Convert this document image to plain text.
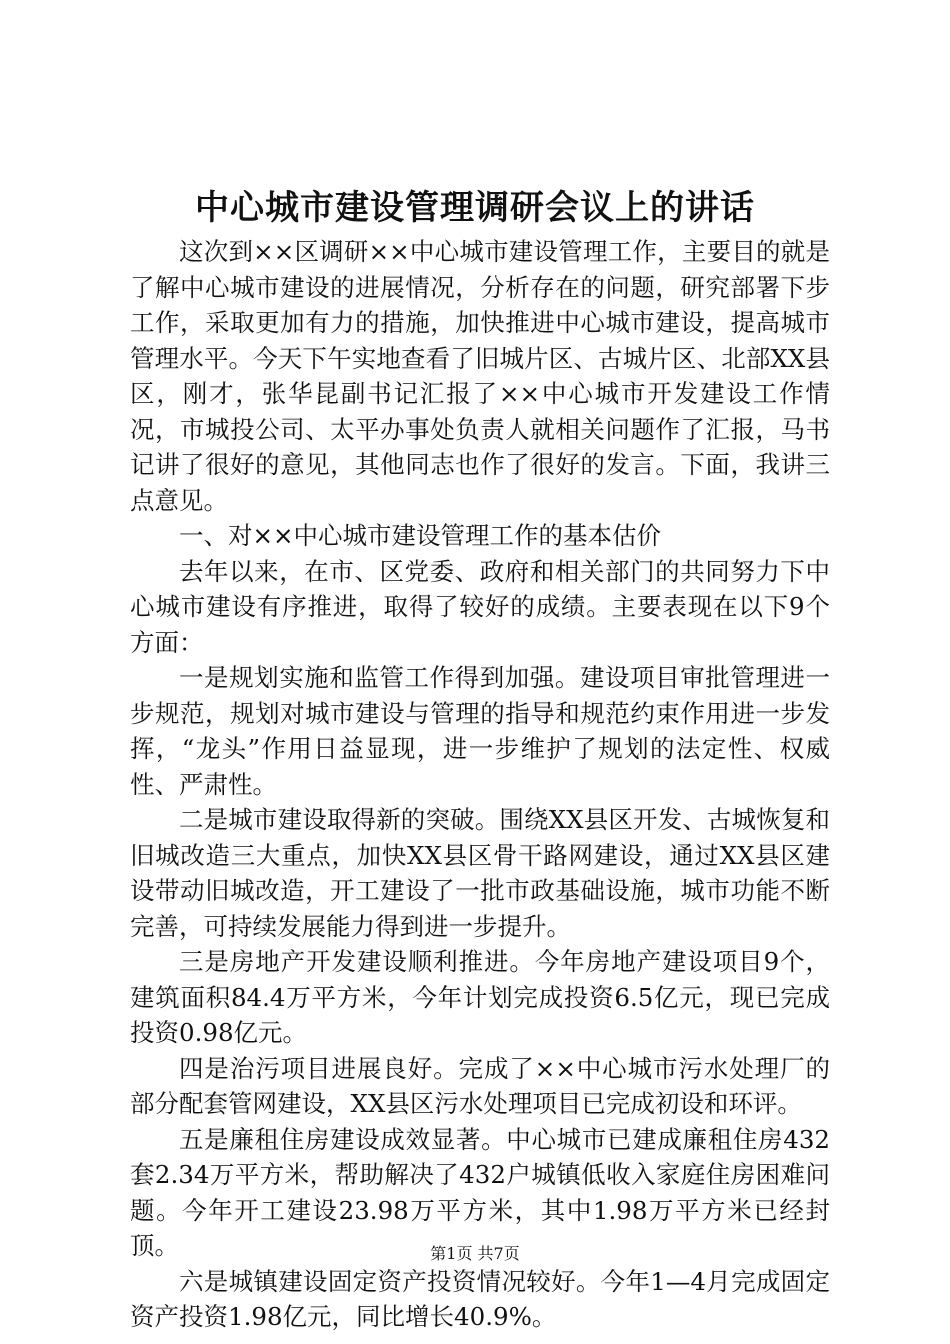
中心城市建设管理调研会议上的讲话

这次到××区调研××中心城市建设管理工作，主要目的就是了解中心城市建设的进展情况，分析存在的问题，研究部署下步工作，采取更加有力的措施，加快推进中心城市建设，提高城市管理水平。今天下午实地查看了旧城片区、古城片区、北部XX县区，刚才，张华昆副书记汇报了××中心城市开发建设工作情况，市城投公司、太平办事处负责人就相关问题作了汇报，马书记讲了很好的意见，其他同志也作了很好的发言。下面，我讲三点意见。

一、对××中心城市建设管理工作的基本估价

去年以来，在市、区党委、政府和相关部门的共同努力下中心城市建设有序推进，取得了较好的成绩。主要表现在以下9个方面：

一是规划实施和监管工作得到加强。建设项目审批管理进一步规范，规划对城市建设与管理的指导和规范约束作用进一步发挥，“龙头”作用日益显现，进一步维护了规划的法定性、权威性、严肃性。

二是城市建设取得新的突破。围绕XX县区开发、古城恢复和旧城改造三大重点，加快XX县区骨干路网建设，通过XX县区建设带动旧城改造，开工建设了一批市政基础设施，城市功能不断完善，可持续发展能力得到进一步提升。

三是房地产开发建设顺利推进。今年房地产建设项目9个，建筑面积84.4万平方米，今年计划完成投资6.5亿元，现已完成投资0.98亿元。

四是治污项目进展良好。完成了××中心城市污水处理厂的部分配套管网建设，XX县区污水处理项目已完成初设和环评。

五是廉租住房建设成效显著。中心城市已建成廉租住房432套2.34万平方米，帮助解决了432户城镇低收入家庭住房困难问题。今年开工建设23.98万平方米，其中1.98万平方米已经封顶。

六是城镇建设固定资产投资情况较好。今年1—4月完成固定资产投资1.98亿元，同比增长40.9%。

第1页 共7页
